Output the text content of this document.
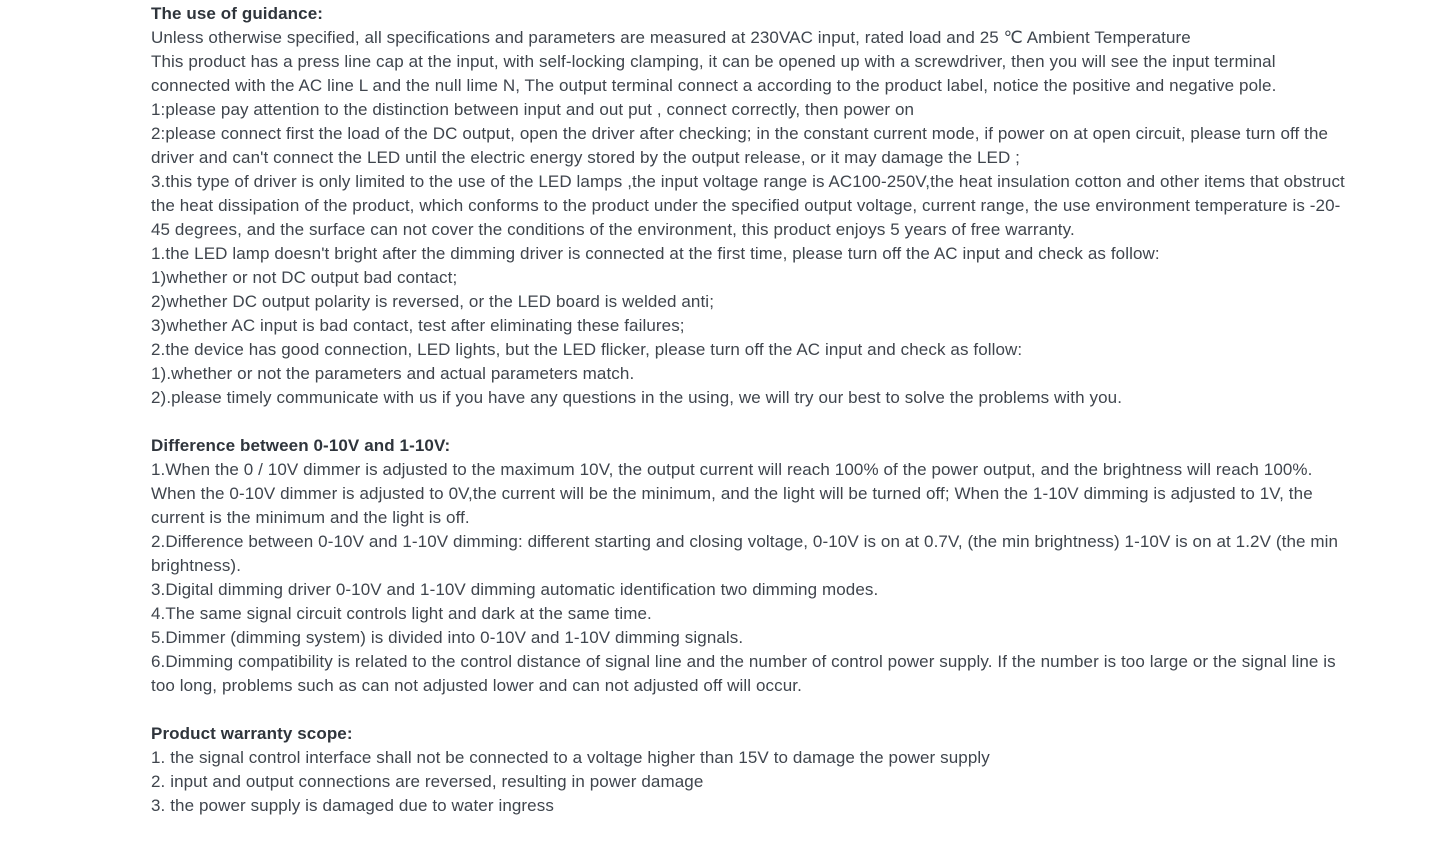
The use of guidance:

Unless otherwise specified, all specifications and parameters are measured at 230VAC input, rated load and 25 ℃ Ambient Temperature

This product has a press line cap at the input, with self-locking clamping, it can be opened up with a screwdriver, then you will see the input terminal connected with the AC line L and the null lime N, The output terminal connect a according to the product label, notice the positive and negative pole.

1:please pay attention to the distinction between input and out put , connect correctly, then power on

2:please connect first the load of the DC output, open the driver after checking; in the constant current mode, if power on at open circuit, please turn off the driver and can't connect the LED until the electric energy stored by the output release, or it may damage the LED ;

3.this type of driver is only limited to the use of the LED lamps ,the input voltage range is AC100-250V,the heat insulation cotton and other items that obstruct the heat dissipation of the product, which conforms to the product under the specified output voltage, current range, the use environment temperature is -20-45 degrees, and the surface can not cover the conditions of the environment, this product enjoys 5 years of free warranty.

1.the LED lamp doesn't bright after the dimming driver is connected at the first time, please turn off the AC input and check as follow:

1)whether or not DC output bad contact;

2)whether DC output polarity is reversed, or the LED board is welded anti;

3)whether AC input is bad contact, test after eliminating these failures;

2.the device has good connection, LED lights, but the LED flicker, please turn off the AC input and check as follow:

1).whether or not the parameters and actual parameters match.

2).please timely communicate with us if you have any questions in the using, we will try our best to solve the problems with you.

Difference between 0-10V and 1-10V:

1.When the 0 / 10V dimmer is adjusted to the maximum 10V, the output current will reach 100% of the power output, and the brightness will reach 100%. When the 0-10V dimmer is adjusted to 0V,the current will be the minimum, and the light will be turned off; When the 1-10V dimming is adjusted to 1V, the current is the minimum and the light is off.

2.Difference between 0-10V and 1-10V dimming: different starting and closing voltage, 0-10V is on at 0.7V, (the min brightness) 1-10V is on at 1.2V (the min brightness).

3.Digital dimming driver 0-10V and 1-10V dimming automatic identification two dimming modes.

4.The same signal circuit controls light and dark at the same time.

5.Dimmer (dimming system) is divided into 0-10V and 1-10V dimming signals.

6.Dimming compatibility is related to the control distance of signal line and the number of control power supply. If the number is too large or the signal line is too long, problems such as can not adjusted lower and can not adjusted off will occur.

Product warranty scope:

1. the signal control interface shall not be connected to a voltage higher than 15V to damage the power supply

2. input and output connections are reversed, resulting in power damage

3. the power supply is damaged due to water ingress
